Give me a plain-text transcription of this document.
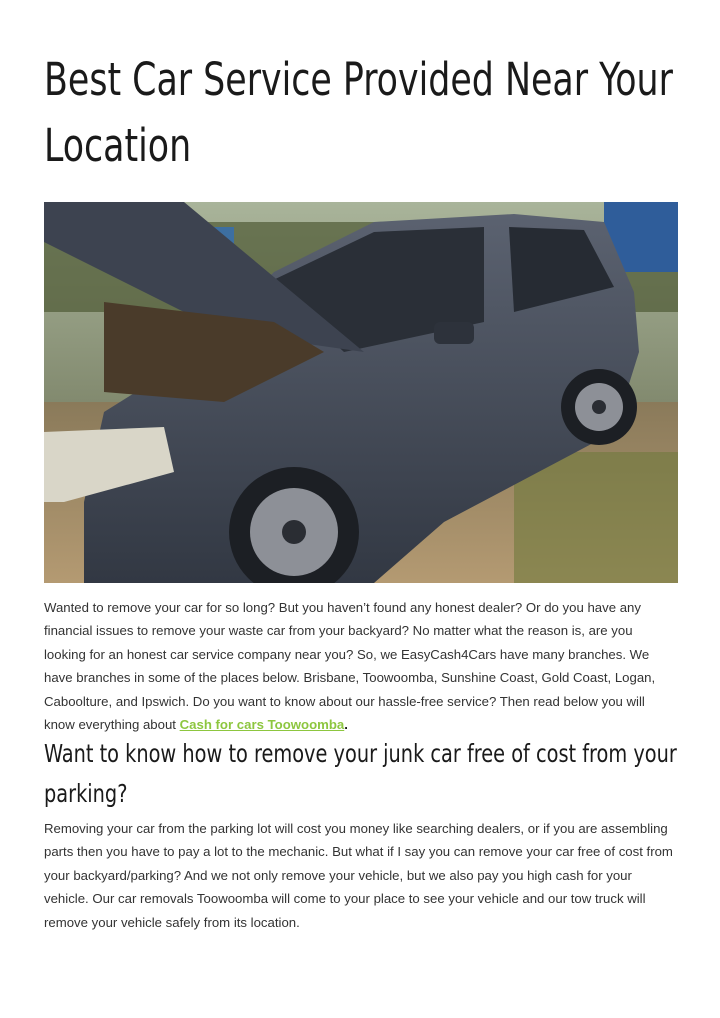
Best Car Service Provided Near Your Location

Wanted to remove your car for so long? But you haven’t found any honest dealer? Or do you have any financial issues to remove your waste car from your backyard? No matter what the reason is, are you looking for an honest car service company near you? So, we EasyCash4Cars have many branches. We have branches in some of the places below. Brisbane, Toowoomba, Sunshine Coast, Gold Coast, Logan, Caboolture, and Ipswich. Do you want to know about our hassle-free service? Then read below you will know everything about Cash for cars Toowoomba.

Want to know how to remove your junk car free of cost from your parking?

Removing your car from the parking lot will cost you money like searching dealers, or if you are assembling parts then you have to pay a lot to the mechanic. But what if I say you can remove your car free of cost from your backyard/parking? And we not only remove your vehicle, but we also pay you high cash for your vehicle. Our car removals Toowoomba will come to your place to see your vehicle and our tow truck will remove your vehicle safely from its location.
